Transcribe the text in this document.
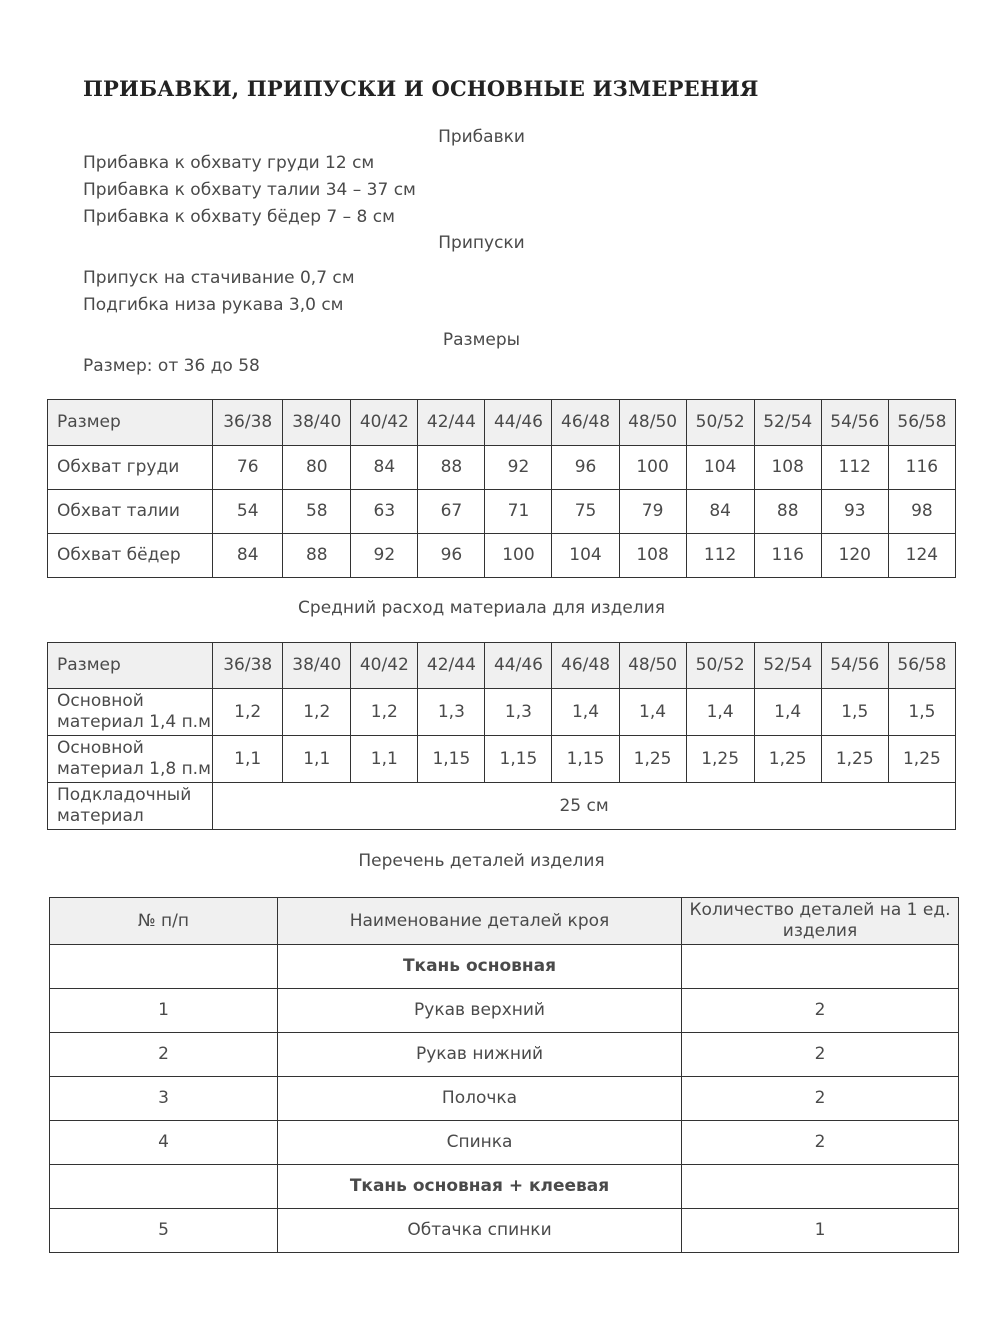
ПРИБАВКИ, ПРИПУСКИ И ОСНОВНЫЕ ИЗМЕРЕНИЯ
Прибавки
Прибавка к обхвату груди 12 см
Прибавка к обхвату талии 34 – 37 см
Прибавка к обхвату бёдер 7 – 8 см
Припуски
Припуск на стачивание 0,7 см
Подгибка низа рукава 3,0 см
Размеры
Размер: от 36 до 58
Размер	36/38	38/40	40/42	42/44	44/46	46/48	48/50	50/52	52/54	54/56	56/58
Обхват груди	76	80	84	88	92	96	100	104	108	112	116
Обхват талии	54	58	63	67	71	75	79	84	88	93	98
Обхват бёдер	84	88	92	96	100	104	108	112	116	120	124
Средний расход материала для изделия
Размер	36/38	38/40	40/42	42/44	44/46	46/48	48/50	50/52	52/54	54/56	56/58

Основной
материал 1,4 п.м	1,2	1,2	1,2	1,3	1,3	1,4	1,4	1,4	1,4	1,5	1,5

Основной
материал 1,8 п.м	1,1	1,1	1,1	1,15	1,15	1,15	1,25	1,25	1,25	1,25	1,25

Подкладочный
материал	25 см										
Перечень деталей изделия
№ п/п	Наименование деталей кроя	Количество деталей на 1 ед.
изделия

	Ткань основная	
1	Рукав верхний	2
2	Рукав нижний	2
3	Полочка	2
4	Спинка	2
	Ткань основная + клеевая	
5	Обтачка спинки	1
